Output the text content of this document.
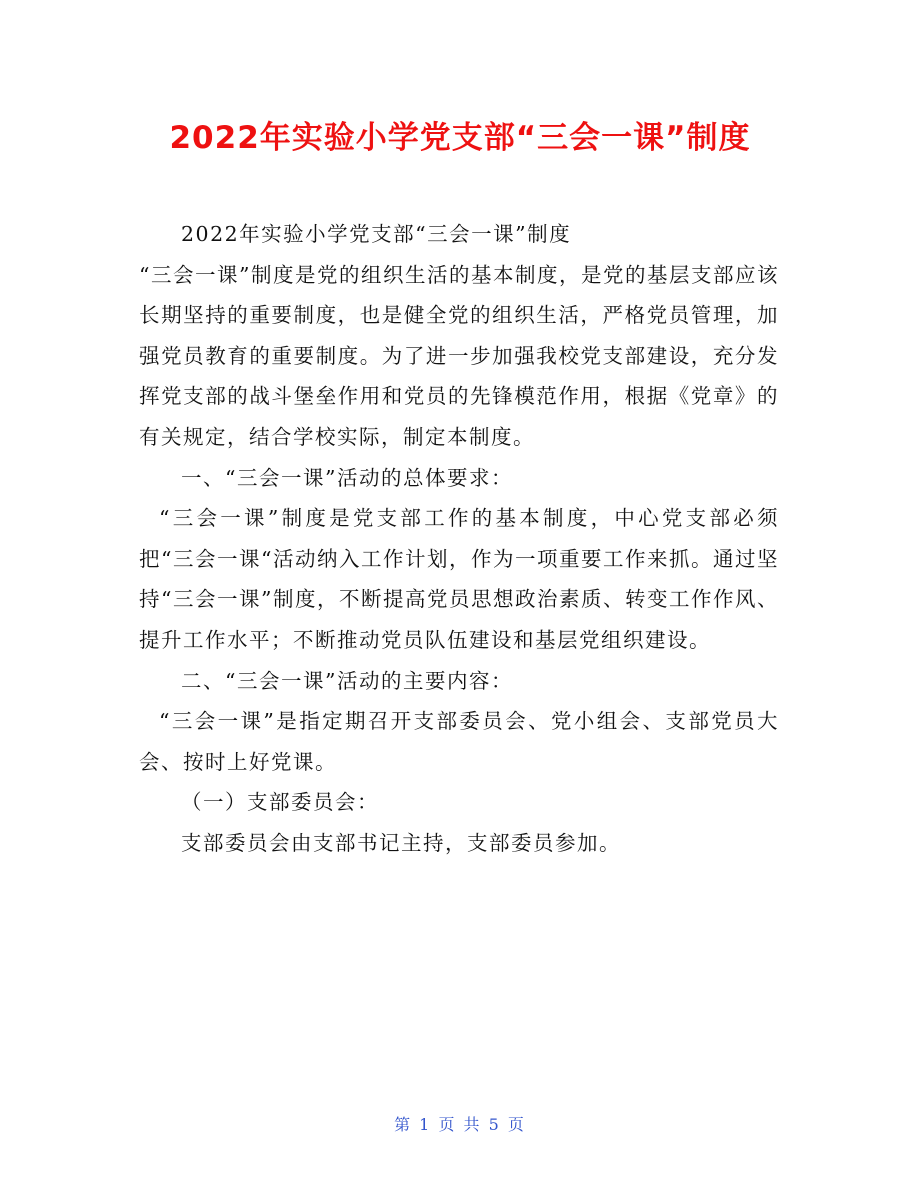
2022年实验小学党支部“三会一课”制度

2022年实验小学党支部“三会一课”制度

“三会一课”制度是党的组织生活的基本制度，是党的基层支部应该长期坚持的重要制度，也是健全党的组织生活，严格党员管理，加强党员教育的重要制度。为了进一步加强我校党支部建设，充分发挥党支部的战斗堡垒作用和党员的先锋模范作用，根据《党章》的有关规定，结合学校实际，制定本制度。

一、“三会一课”活动的总体要求：

“三会一课”制度是党支部工作的基本制度，中心党支部必须把“三会一课“活动纳入工作计划，作为一项重要工作来抓。通过坚持“三会一课”制度，不断提高党员思想政治素质、转变工作作风、提升工作水平；不断推动党员队伍建设和基层党组织建设。

二、“三会一课”活动的主要内容：

“三会一课”是指定期召开支部委员会、党小组会、支部党员大会、按时上好党课。

（一）支部委员会：

支部委员会由支部书记主持，支部委员参加。

第 1 页 共 5 页
